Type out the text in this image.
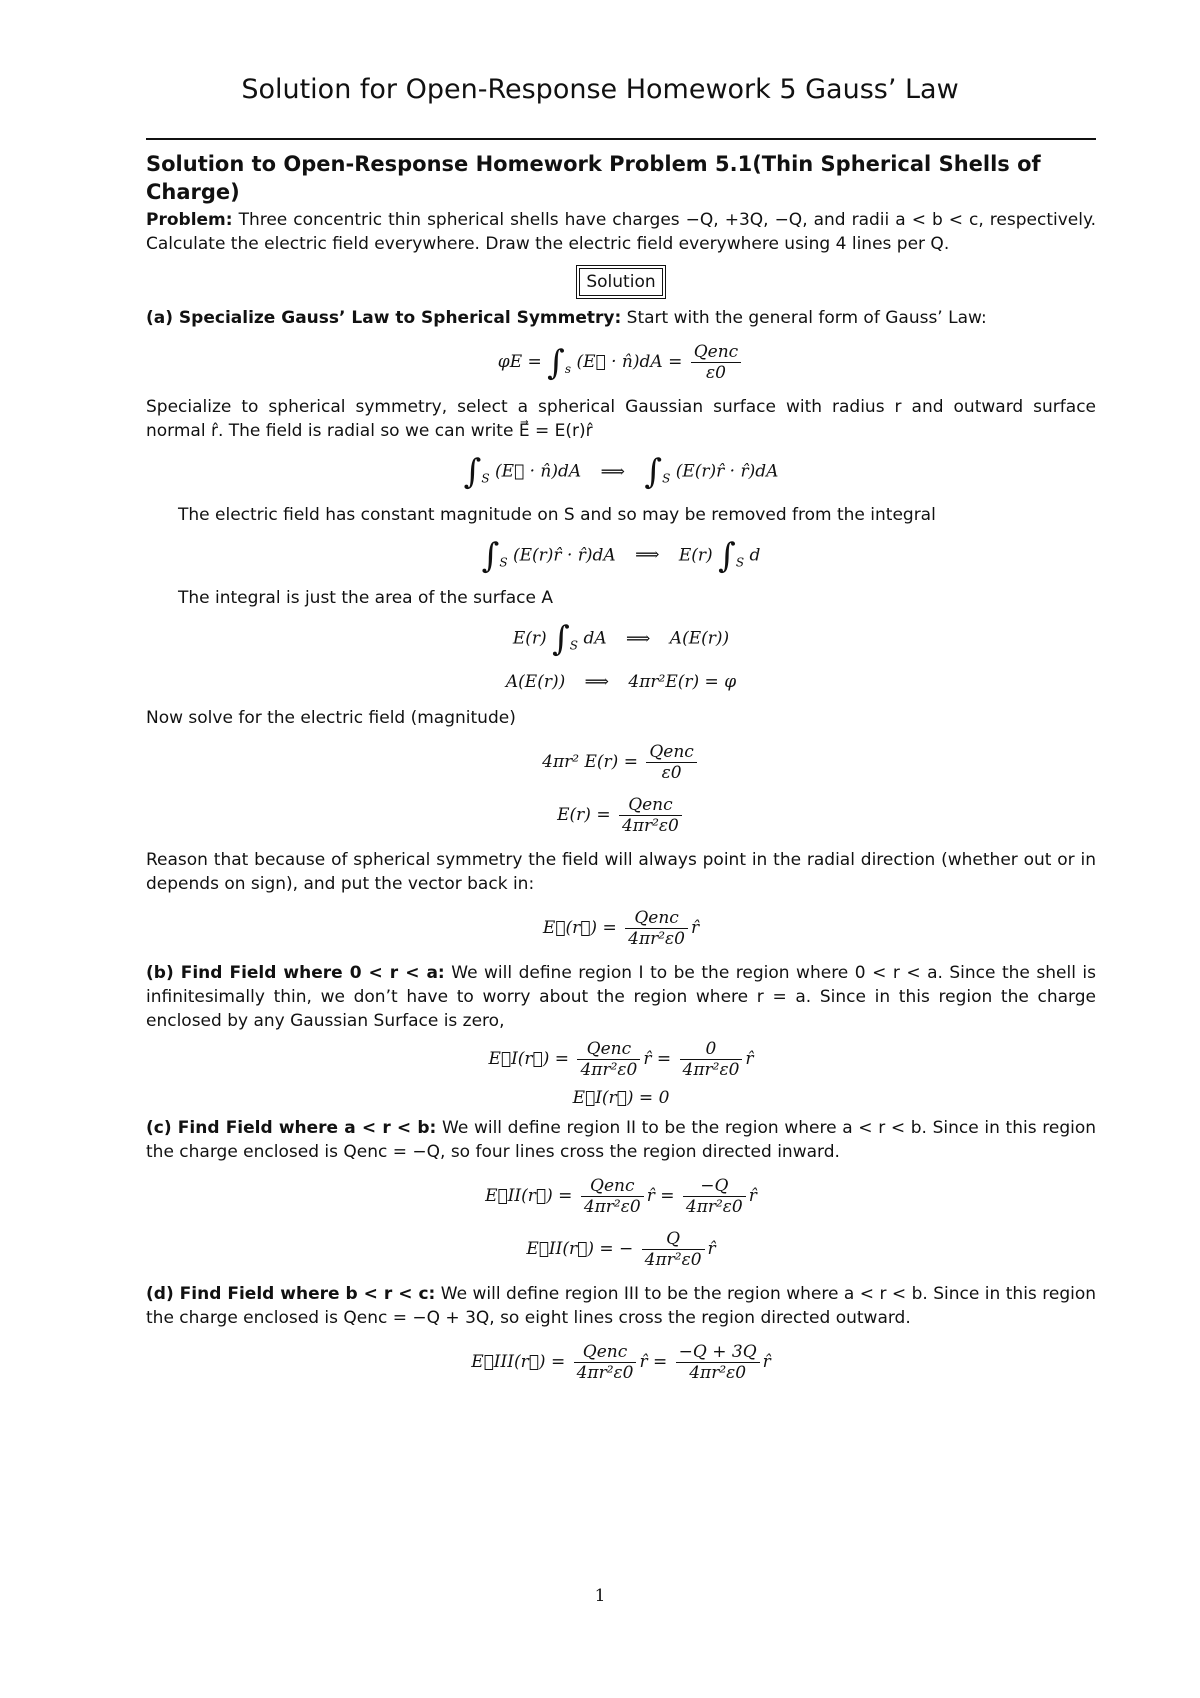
Solution for Open-Response Homework 5 Gauss’ Law
Solution to Open-Response Homework Problem 5.1(Thin Spherical Shells of Charge)

Problem: Three concentric thin spherical shells have charges −Q, +3Q, −Q, and radii a < b < c, respectively. Calculate the electric field everywhere. Draw the electric field everywhere using 4 lines per Q.

Solution

(a) Specialize Gauss’ Law to Spherical Symmetry: Start with the general form of Gauss’ Law:

$\varphi E = \int_s$ (E⃗ · n̂)dA = $\frac{\text{Qenc}}{\varepsilon 0}$

Specialize to spherical symmetry, select a spherical Gaussian surface with radius r and outward surface normal r̂. The field is radial so we can write E⃗ = E(r)r̂

$\int_S$ (E⃗ · n̂)dA ⟹ $\int_S$ (E(r)r̂ · r̂)dA

The electric field has constant magnitude on S and so may be removed from the integral

$\int_S$ (E(r)r̂ · r̂)dA ⟹ E(r) $\int_S$ d

The integral is just the area of the surface A

E(r) $\int_S$ dA ⟹ A(E(r))
A(E(r)) ⟹ 4πr²E(r) = φ

Now solve for the electric field (magnitude)

4πr² $E(r) = \frac{\text{Qenc}}{\varepsilon 0}$
$E(r) = \frac{\text{Qenc}}{\text{4πr²ε0}}$

Reason that because of spherical symmetry the field will always point in the radial direction (whether out or in depends on sign), and put the vector back in:

E⃗(r⃗) = $\frac{\text{Qenc}}{\text{4πr²ε0}}$ r̂

(b) Find Field where 0 < r < a: We will define region I to be the region where 0 < r < a. Since the shell is infinitesimally thin, we don’t have to worry about the region where r = a. Since in this region the charge enclosed by any Gaussian Surface is zero,

E⃗I(r⃗) = $\frac{\text{Qenc}}{\text{4πr²ε0}}$ r̂ = $\frac{0}{\text{4πr²ε0}}$ r̂
E⃗I(r⃗) = 0

(c) Find Field where a < r < b: We will define region II to be the region where a < r < b. Since in this region the charge enclosed is Qenc = −Q, so four lines cross the region directed inward.

E⃗II(r⃗) = $\frac{\text{Qenc}}{\text{4πr²ε0}}$ r̂ = $\frac{-Q}{\text{4πr²ε0}}$ r̂
E⃗II(r⃗) = − $\frac{Q}{\text{4πr²ε0}}$ r̂

(d) Find Field where b < r < c: We will define region III to be the region where a < r < b. Since in this region the charge enclosed is Qenc = −Q + 3Q, so eight lines cross the region directed outward.

E⃗III(r⃗) = $\frac{\text{Qenc}}{\text{4πr²ε0}}$ r̂ = $\frac{-Q + 3Q}{\text{4πr²ε0}}$ r̂
1
